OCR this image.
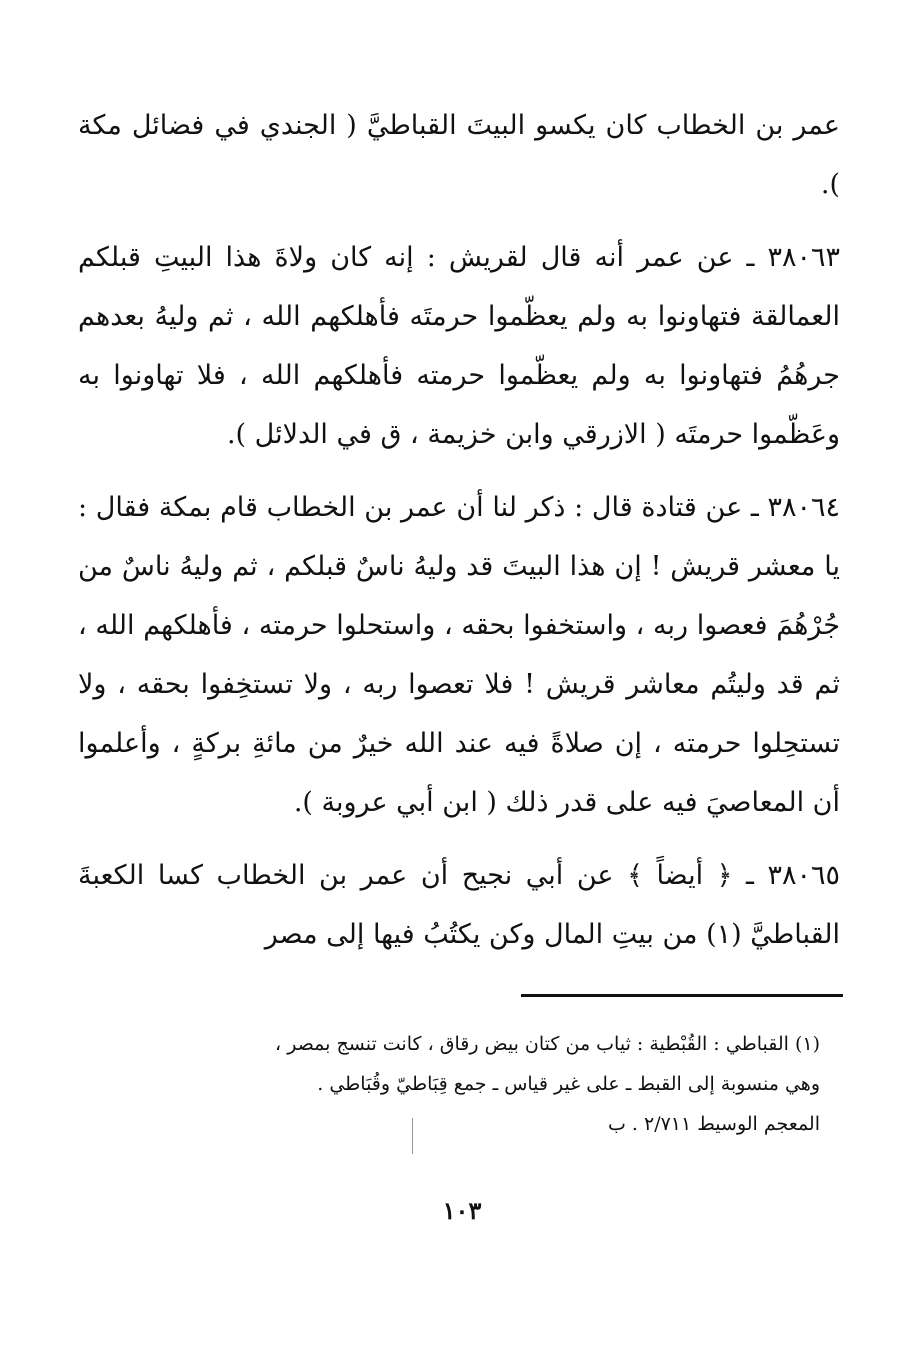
عمر بن الخطاب كان يكسو البيتَ القباطيَّ ( الجندي في فضائل مكة ).

٣٨٠٦٣ ـ عن عمر أنه قال لقريش : إنه كان ولاةَ هذا البيتِ قبلكم العمالقة فتهاونوا به ولم يعظّموا حرمتَه فأهلكهم الله ، ثم وليهُ بعدهم جرهُمُ فتهاونوا به ولم يعظّموا حرمته فأهلكهم الله ، فلا تهاونوا به وعَظّموا حرمتَه ( الازرقي وابن خزيمة ، ق في الدلائل ).

٣٨٠٦٤ ـ عن قتادة قال : ذكر لنا أن عمر بن الخطاب قام بمكة فقال : يا معشر قريش ! إن هذا البيتَ قد وليهُ ناسٌ قبلكم ، ثم وليهُ ناسٌ من جُرْهُمَ فعصوا ربه ، واستخفوا بحقه ، واستحلوا حرمته ، فأهلكهم الله ، ثم قد وليتُم معاشر قريش ! فلا تعصوا ربه ، ولا تستخِفوا بحقه ، ولا تستحِلوا حرمته ، إن صلاةً فيه عند الله خيرٌ من مائةِ بركةٍ ، وأعلموا أن المعاصيَ فيه على قدر ذلك ( ابن أبي عروبة ).

٣٨٠٦٥ ـ ﴿ أيضاً ﴾ عن أبي نجيح أن عمر بن الخطاب كسا الكعبةَ القباطيَّ (١) من بيتِ المال وكن يكتُبُ فيها إلى مصر

(١) القباطي : القُبْطية : ثياب من كتان بيض رقاق ، كانت تنسج بمصر ،

وهي منسوبة إلى القبط ـ على غير قياس ـ جمع قِبَاطيّ وقُبَاطي .

المعجم الوسيط ٢/٧١١ . ب

١٠٣
